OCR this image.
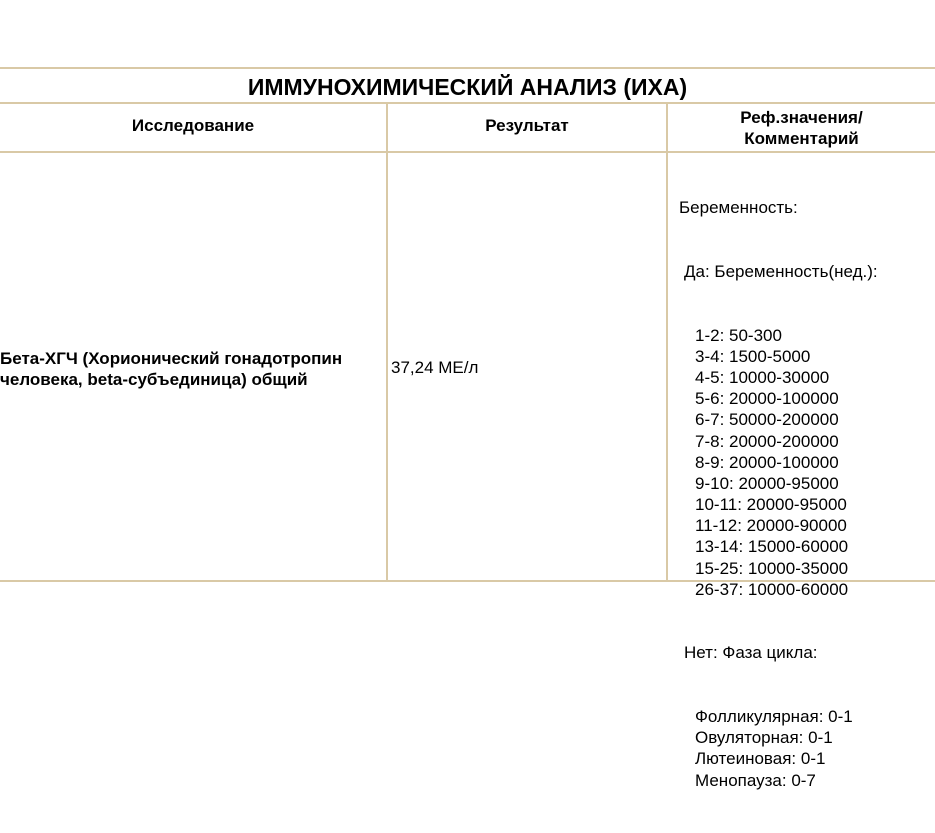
ИММУНОХИМИЧЕСКИЙ АНАЛИЗ (ИХА)
Исследование	Результат	Реф.значения/
Комментарий
Бета-ХГЧ (Хорионический гонадотропин
человека, beta-субъединица) общий
37,24 МЕ/л

Беременность:

Да: Беременность(нед.):

1-2: 50-300
3-4: 1500-5000
4-5: 10000-30000
5-6: 20000-100000
6-7: 50000-200000
7-8: 20000-200000
8-9: 20000-100000
9-10: 20000-95000
10-11: 20000-95000
11-12: 20000-90000
13-14: 15000-60000
15-25: 10000-35000
26-37: 10000-60000

Нет: Фаза цикла:

Фолликулярная: 0-1
Овуляторная: 0-1
Лютеиновая: 0-1
Менопауза: 0-7
